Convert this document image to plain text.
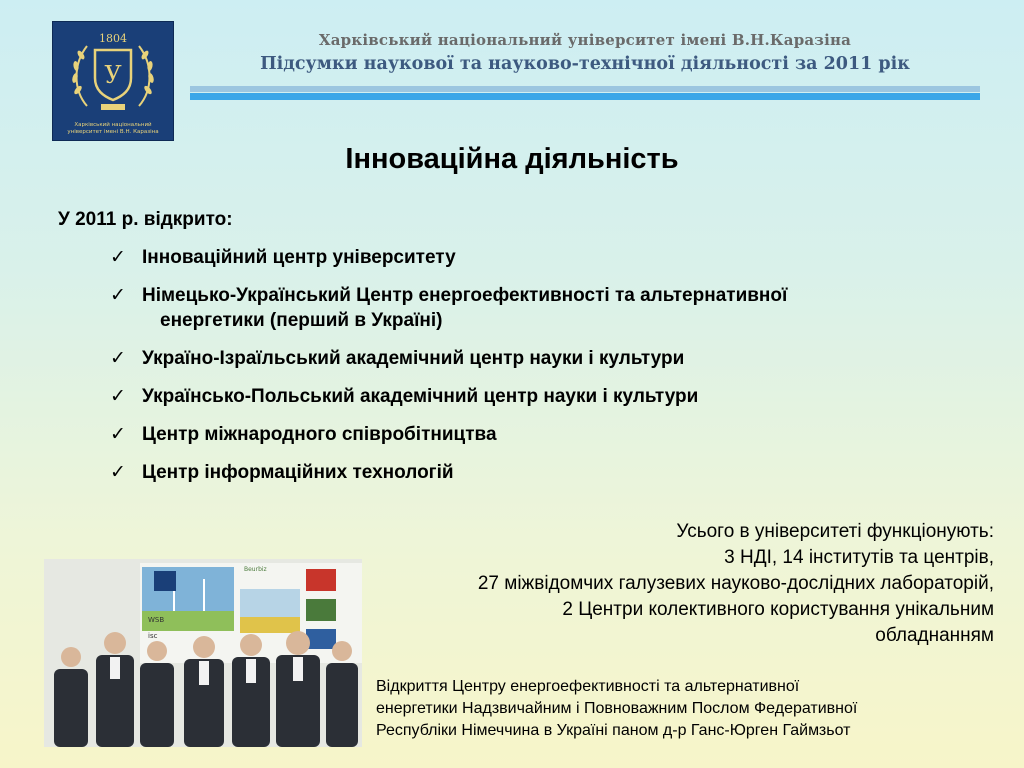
1804
У
Харківський національний університет імені В.Н. Каразіна
Харківський національний університет імені В.Н.Каразіна
Підсумки наукової та науково-технічної діяльності за 2011 рік
Інноваційна діяльність
У 2011 р. відкрито:
✓ Інноваційний центр університету
✓ Німецько-Український Центр енергоефективності та альтернативної
енергетики (перший в Україні)
✓ Україно-Ізраїльський академічний центр науки і культури
✓ Українсько-Польський академічний центр науки і культури
✓ Центр міжнародного співробітництва
✓ Центр інформаційних технологій
Усього в університеті функціонують:
3 НДІ, 14 інститутів та центрів,
27 міжвідомчих галузевих науково-дослідних лабораторій,
2 Центри колективного користування унікальним
обладнанням
WSB
isc
Beurbiz
Відкриття Центру енергоефективності та альтернативної
енергетики Надзвичайним і Повноважним Послом Федеративної
Республіки Німеччина в Україні паном д-р Ганс-Юрген Гаймзьот
